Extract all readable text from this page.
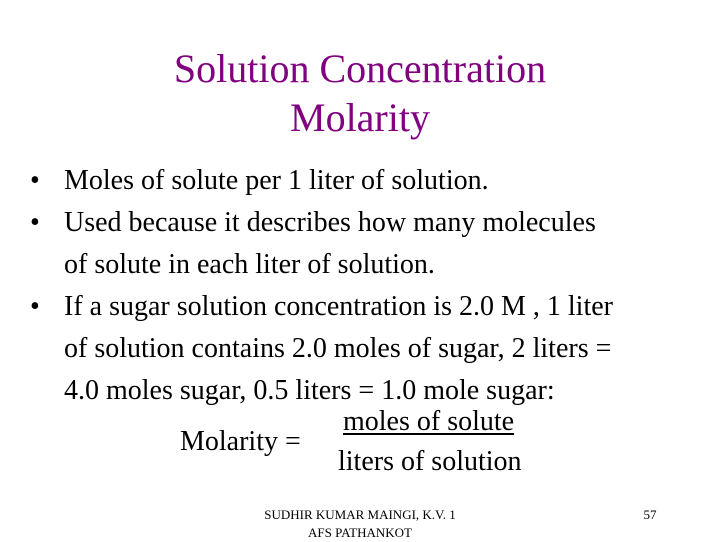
Solution Concentration
Molarity
• Moles of solute per 1 liter of solution.
• Used because it describes how many molecules
of solute in each liter of solution.
• If a sugar solution concentration is 2.0 M , 1 liter
of solution contains 2.0 moles of sugar, 2 liters =
4.0 moles sugar, 0.5 liters = 1.0 mole sugar:
Molarity =
moles of solute
liters of solution
SUDHIR KUMAR MAINGI, K.V. 1
AFS PATHANKOT
57
